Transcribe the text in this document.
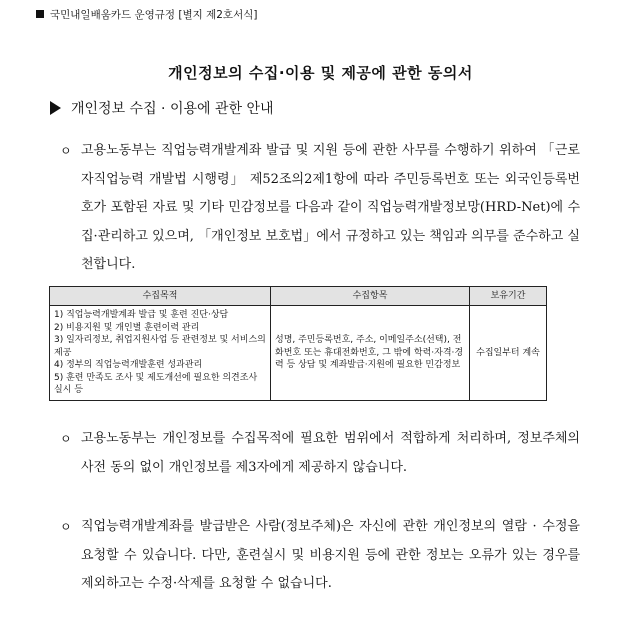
국민내일배움카드 운영규정 [별지 제2호서식]
개인정보의 수집·이용 및 제공에 관한 동의서
개인정보 수집 · 이용에 관한 안내
ㅇ 고용노동부는 직업능력개발계좌 발급 및 지원 등에 관한 사무를 수행하기 위하여 「근로자직업능력 개발법 시행령」 제52조의2제1항에 따라 주민등록번호 또는 외국인등록번호가 포함된 자료 및 기타 민감정보를 다음과 같이 직업능력개발정보망(HRD-Net)에 수집·관리하고 있으며, 「개인정보 보호법」에서 규정하고 있는 책임과 의무를 준수하고 실천합니다.
수집목적	수집항목	보유기간

1) 직업능력개발계좌 발급 및 훈련 진단·상담
2) 비용지원 및 개인별 훈련이력 관리
3) 일자리정보, 취업지원사업 등 관련정보 및 서비스의 제공
4) 정부의 직업능력개발훈련 성과관리
5) 훈련 만족도 조사 및 제도개선에 필요한 의견조사 실시 등	성명, 주민등록번호, 주소, 이메일주소(선택), 전화번호 또는 휴대전화번호, 그 밖에 학력·자격·경력 등 상담 및 계좌발급·지원에 필요한 민감정보	수집일부터 계속
ㅇ 고용노동부는 개인정보를 수집목적에 필요한 범위에서 적합하게 처리하며, 정보주체의 사전 동의 없이 개인정보를 제3자에게 제공하지 않습니다.
ㅇ 직업능력개발계좌를 발급받은 사람(정보주체)은 자신에 관한 개인정보의 열람 · 수정을 요청할 수 있습니다. 다만, 훈련실시 및 비용지원 등에 관한 정보는 오류가 있는 경우를 제외하고는 수정·삭제를 요청할 수 없습니다.
